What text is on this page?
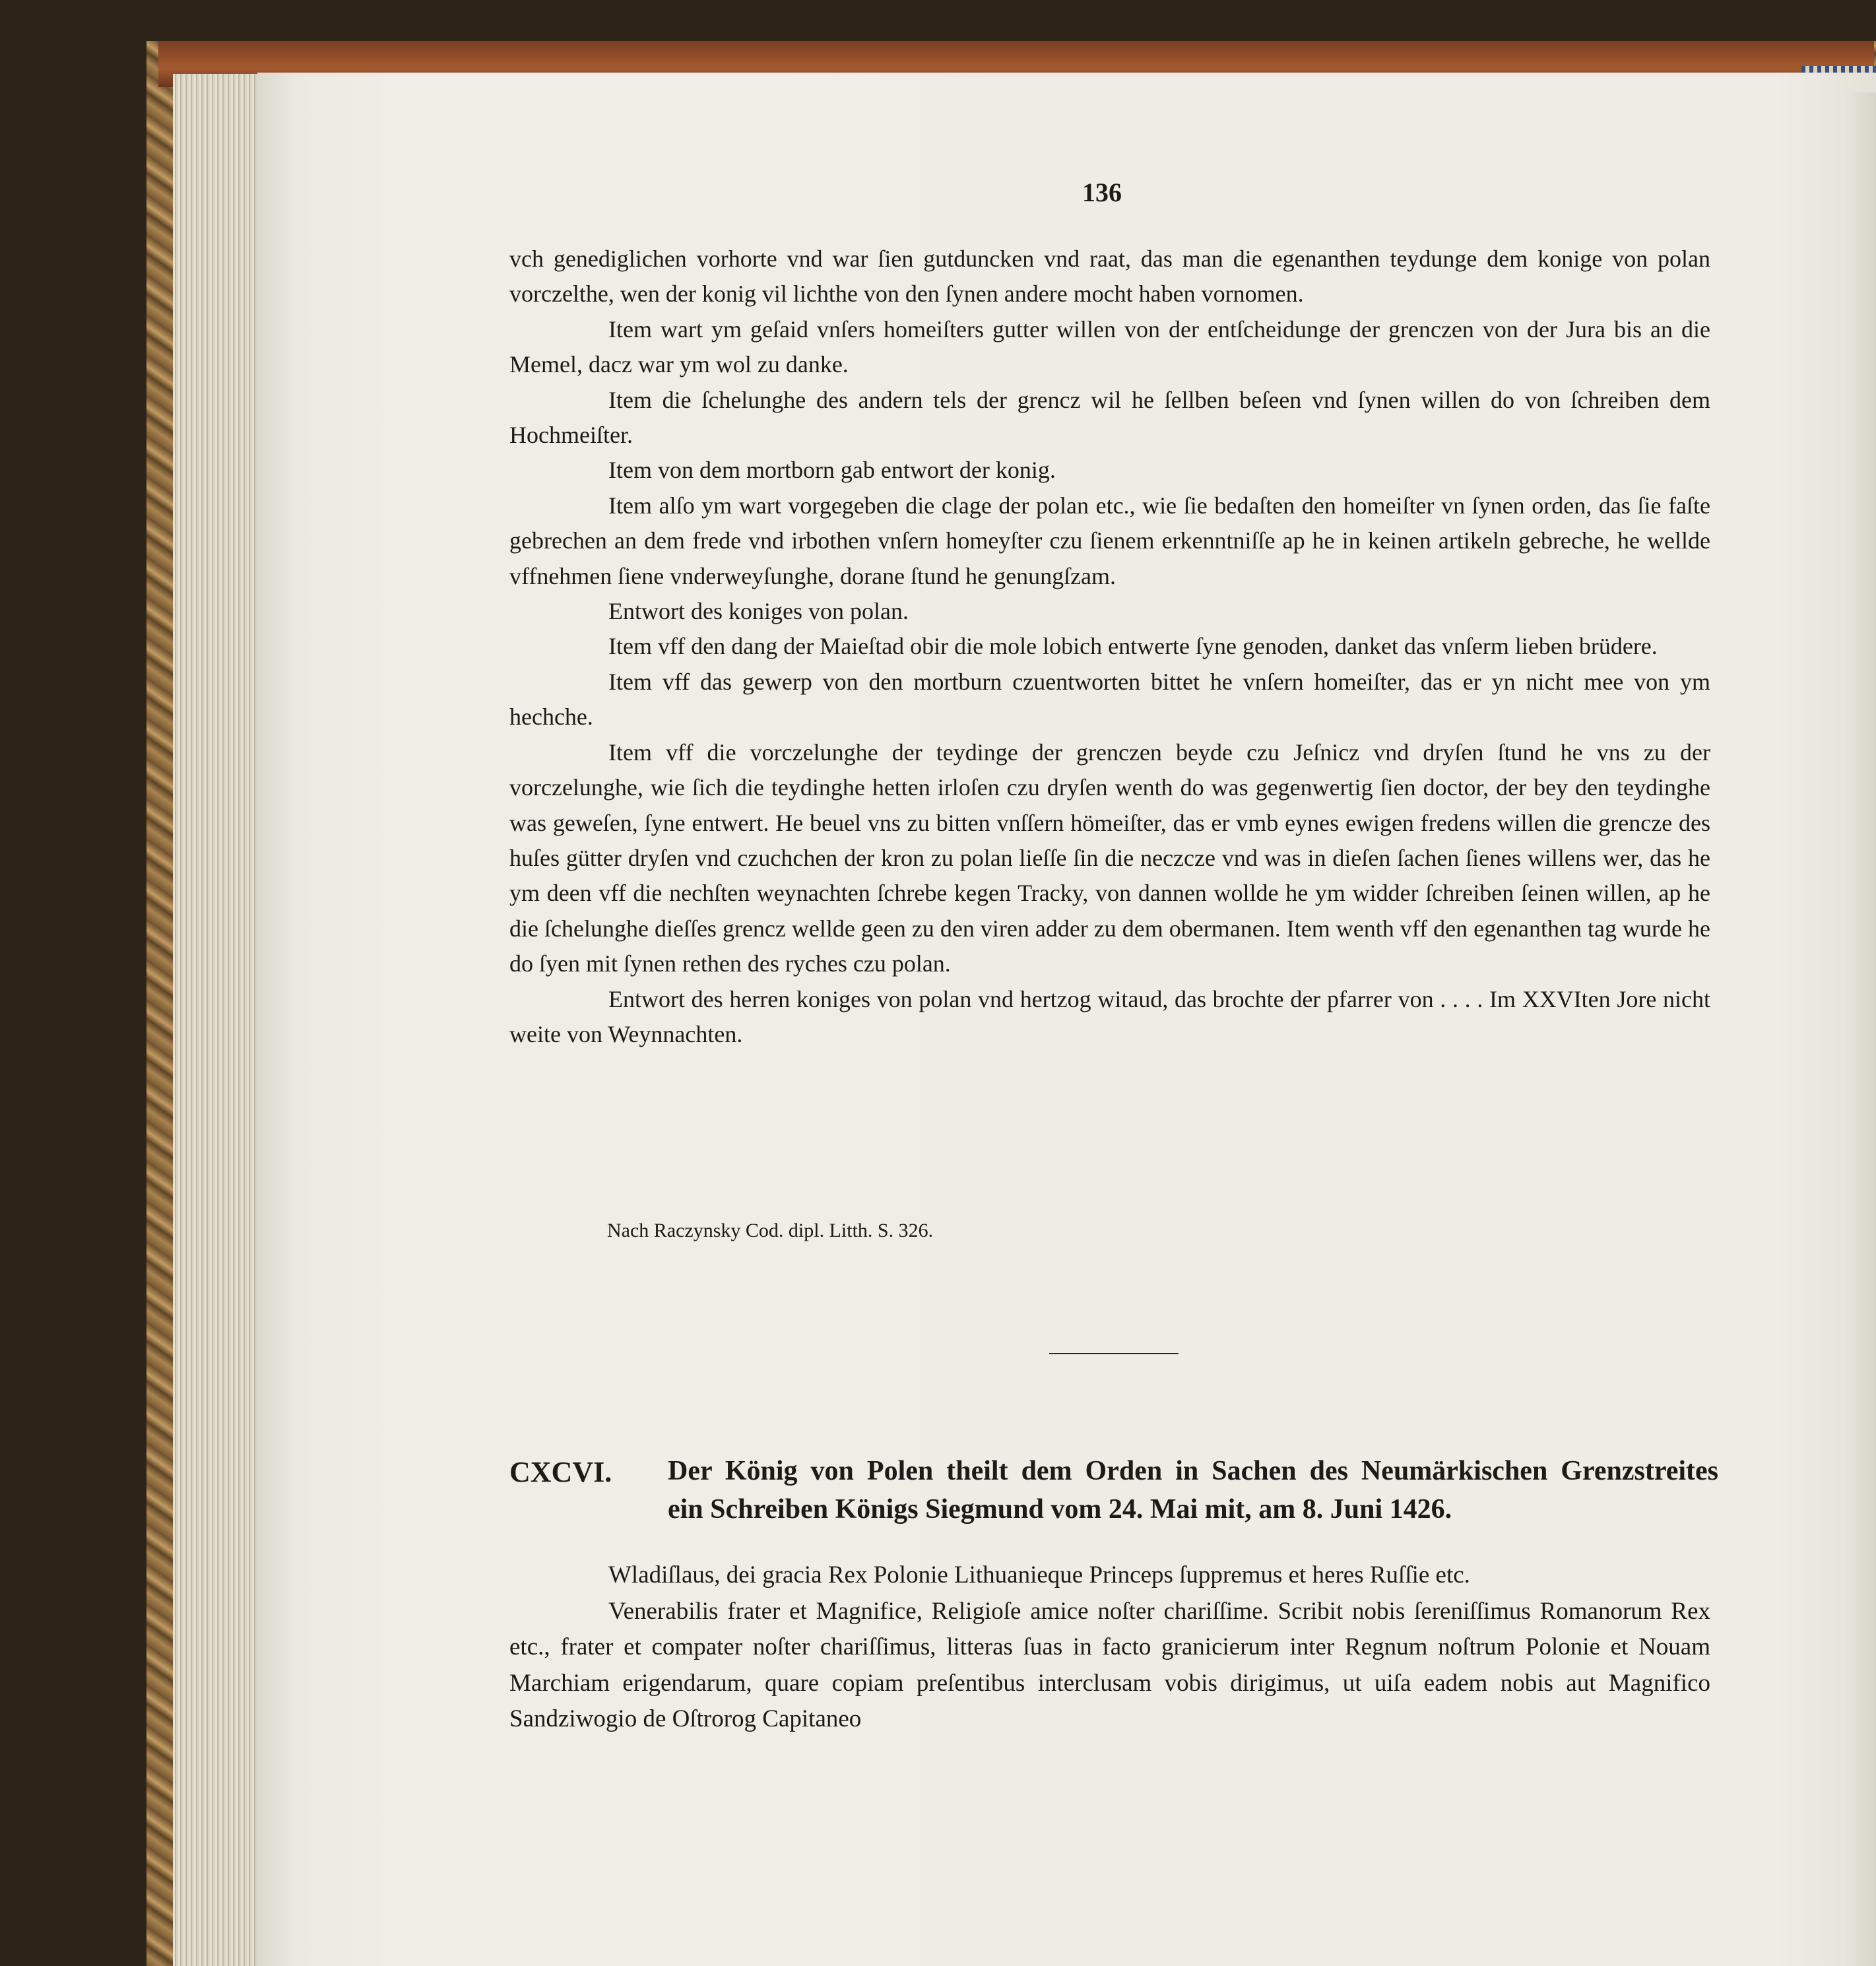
136

vch genediglichen vorhorte vnd war ſien gutduncken vnd raat, das man die egenanthen teydunge dem konige von polan vorczelthe, wen der konig vil lichthe von den ſynen andere mocht haben vornomen.

Item wart ym geſaid vnſers homeiſters gutter willen von der entſcheidunge der grenczen von der Jura bis an die Memel, dacz war ym wol zu danke.

Item die ſchelunghe des andern tels der grencz wil he ſellben beſeen vnd ſynen willen do von ſchreiben dem Hochmeiſter.

Item von dem mortborn gab entwort der konig.

Item alſo ym wart vorgegeben die clage der polan etc., wie ſie bedaſten den homeiſter vn ſynen orden, das ſie faſte gebrechen an dem frede vnd irbothen vnſern homeyſter czu ſienem erkenntniſſe ap he in keinen artikeln gebreche, he wellde vffnehmen ſiene vnderweyſunghe, dorane ſtund he genungſzam.

Entwort des koniges von polan.

Item vff den dang der Maieſtad obir die mole lobich entwerte ſyne genoden, danket das vnſerm lieben brüdere.

Item vff das gewerp von den mortburn czuentworten bittet he vnſern homeiſter, das er yn nicht mee von ym hechche.

Item vff die vorczelunghe der teydinge der grenczen beyde czu Jeſnicz vnd dryſen ſtund he vns zu der vorczelunghe, wie ſich die teydinghe hetten irloſen czu dryſen wenth do was gegenwertig ſien doctor, der bey den teydinghe was geweſen, ſyne entwert. He beuel vns zu bitten vnſſern hömeiſter, das er vmb eynes ewigen fredens willen die grencze des huſes gütter dryſen vnd czuchchen der kron zu polan lieſſe ſin die neczcze vnd was in dieſen ſachen ſienes willens wer, das he ym deen vff die nechſten weynachten ſchrebe kegen Tracky, von dannen wollde he ym widder ſchreiben ſeinen willen, ap he die ſchelunghe dieſſes grencz wellde geen zu den viren adder zu dem obermanen. Item wenth vff den egenanthen tag wurde he do ſyen mit ſynen rethen des ryches czu polan.

Entwort des herren koniges von polan vnd hertzog witaud, das brochte der pfarrer von . . . . Im XXVIten Jore nicht weite von Weynnachten.

Nach Raczynsky Cod. dipl. Litth. S. 326.
CXCVI. Der König von Polen theilt dem Orden in Sachen des Neumärkischen Grenzstreites
ein Schreiben Königs Siegmund vom 24. Mai mit, am 8. Juni 1426.

Wladiſlaus, dei gracia Rex Polonie Lithuanieque Princeps ſuppremus et heres Ruſſie etc.

Venerabilis frater et Magnifice, Religioſe amice noſter chariſſime. Scribit nobis ſereniſſimus Romanorum Rex etc., frater et compater noſter chariſſimus, litteras ſuas in facto granicierum inter Regnum noſtrum Polonie et Nouam Marchiam erigendarum, quare copiam preſentibus interclusam vobis dirigimus, ut uiſa eadem nobis aut Magnifico Sandziwogio de Oſtrorog Capitaneo
